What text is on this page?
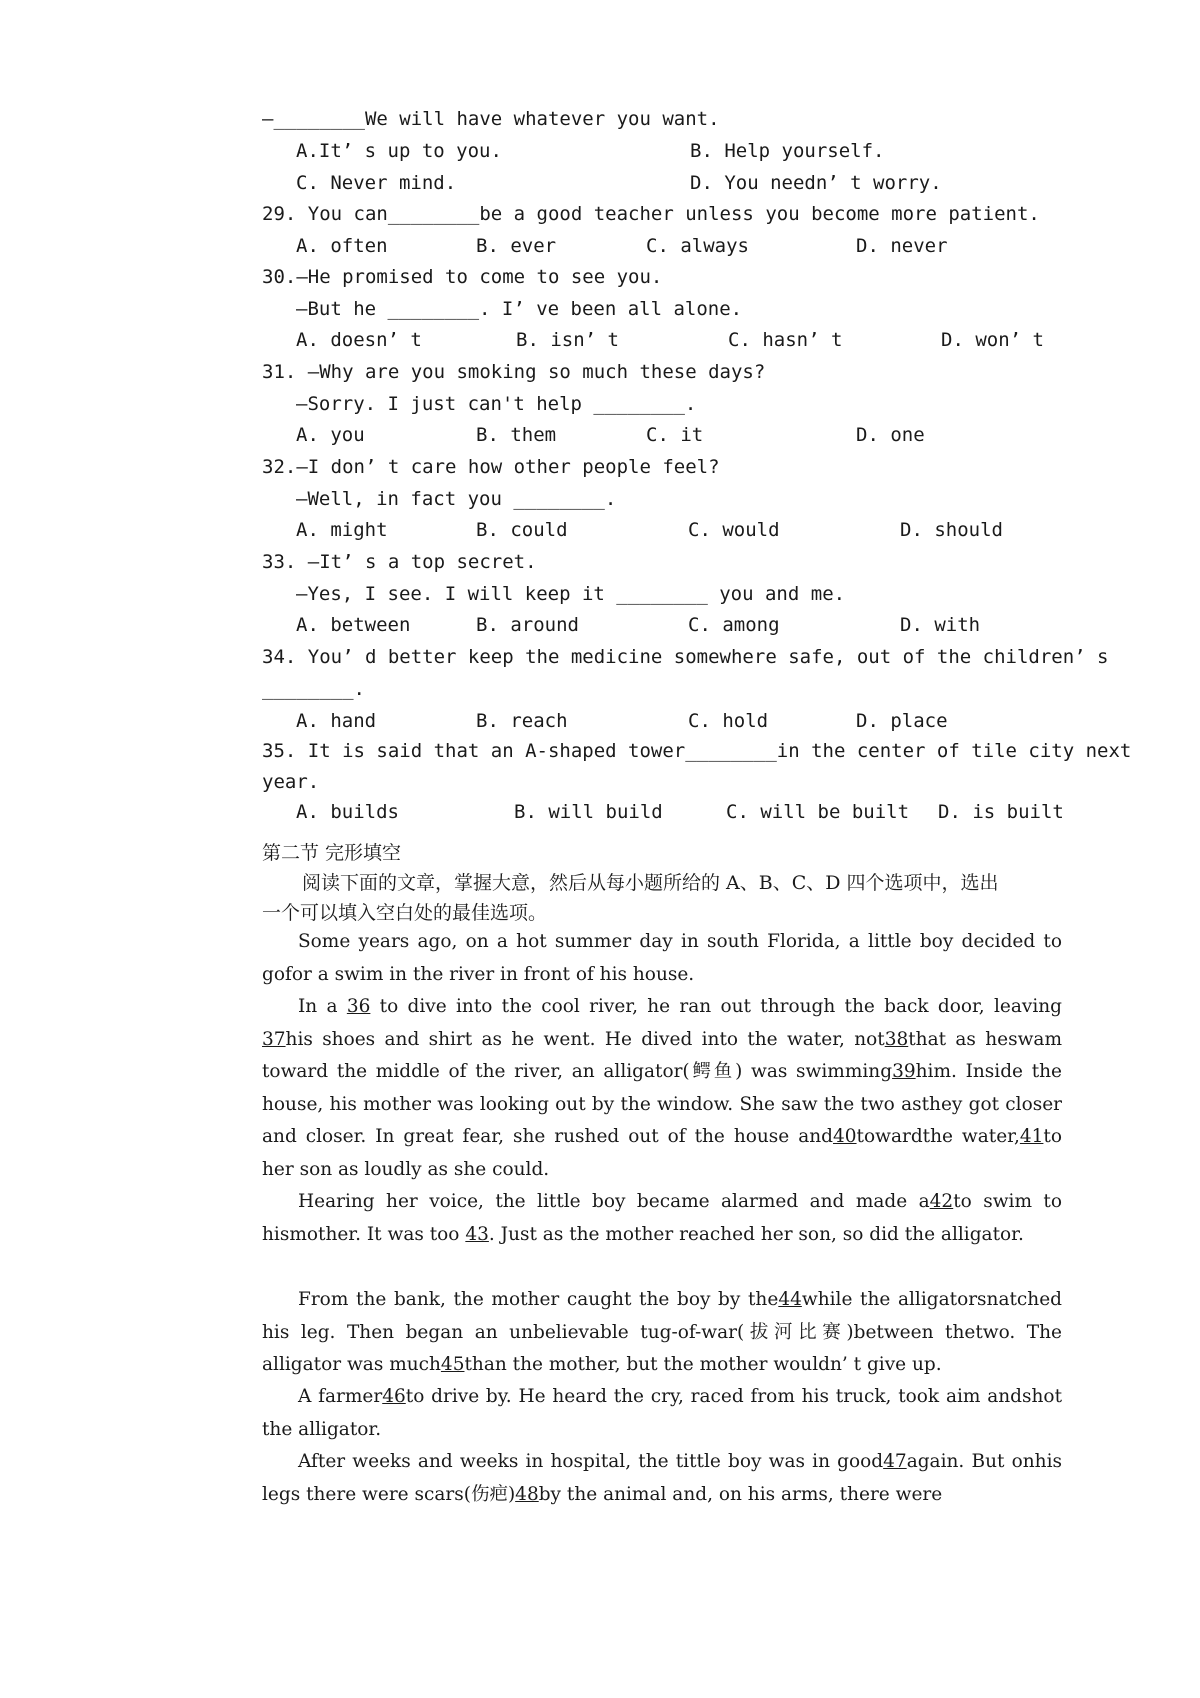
—________We will have whatever you want.

A.It’ s up to you.

	B. Help yourself.

C. Never mind.

	D. You needn’ t worry.

29. You can________be a good teacher unless you become more patient.

A. often

	B. ever

	C. always

	D. never

30.—He promised to come to see you.
—But he ________. I’ ve been all alone.

A. doesn’ t

	B. isn’ t

	C. hasn’ t

	D. won’ t

31. —Why are you smoking so much these days?
—Sorry. I just can't help ________.

A. you

	B. them

	C. it

	D. one

32.—I don’ t care how other people feel?
—Well, in fact you ________.

A. might

	B. could

	C. would

	D. should

33. —It’ s a top secret.
—Yes, I see. I will keep it ________ you and me.

A. between

	B. around

	C. among

	D. with

34. You’ d better keep the medicine somewhere safe, out of the children’ s
________.

A. hand

	B. reach

	C. hold

	D. place

35. It is said that an A-shaped tower________in the center of tile city next
year.

A. builds

	B. will build

	C. will be built

D. is built

第二节 完形填空
阅读下面的文章，掌握大意，然后从每小题所给的 A、B、C、D 四个选项中，选出
一个可以填入空白处的最佳选项。
Some years ago, on a hot summer day in south Florida, a little boy decided to gofor a swim in the river in front of his house.
In a 36 to dive into the cool river, he ran out through the back door, leaving 37his shoes and shirt as he went. He dived into the water, not38that as heswam toward the middle of the river, an alligator(鳄鱼) was swimming39him. Inside the house, his mother was looking out by the window. She saw the two asthey got closer and closer. In great fear, she rushed out of the house and40towardthe water,41to her son as loudly as she could.
Hearing her voice, the little boy became alarmed and made a42to swim to hismother. It was too 43. Just as the mother reached her son, so did the alligator.
From the bank, the mother caught the boy by the44while the alligatorsnatched his leg. Then began an unbelievable tug-of-war(拔河比赛)between thetwo. The alligator was much45than the mother, but the mother wouldn’ t give up.
A farmer46to drive by. He heard the cry, raced from his truck, took aim andshot the alligator.
After weeks and weeks in hospital, the tittle boy was in good47again. But onhis legs there were scars(伤疤)48by the animal and, on his arms, there were
